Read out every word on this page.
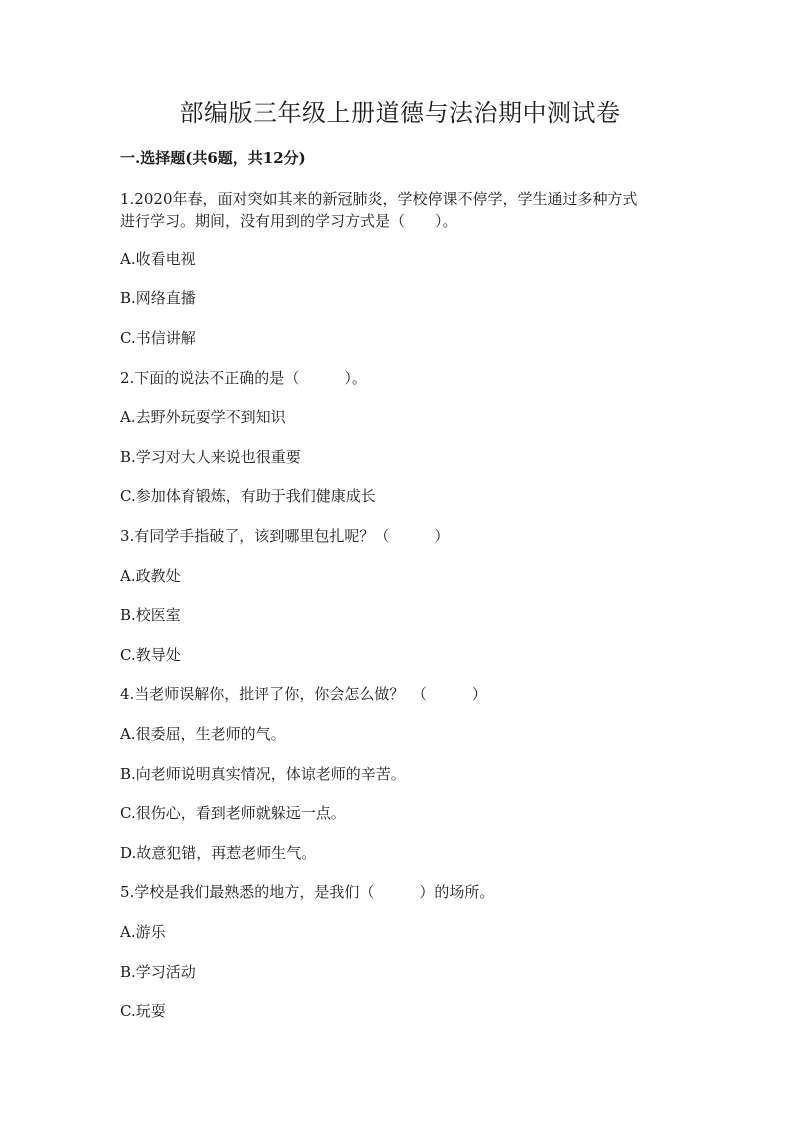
部编版三年级上册道德与法治期中测试卷
一.选择题(共6题，共12分)
1.2020年春，面对突如其来的新冠肺炎，学校停课不停学，学生通过多种方式
进行学习。期间，没有用到的学习方式是（　　）。
A.收看电视
B.网络直播
C.书信讲解
2.下面的说法不正确的是（　　　）。
A.去野外玩耍学不到知识
B.学习对大人来说也很重要
C.参加体育锻炼，有助于我们健康成长
3.有同学手指破了，该到哪里包扎呢？（　　　）
A.政教处
B.校医室
C.教导处
4.当老师误解你，批评了你，你会怎么做？　（　　　）
A.很委屈，生老师的气。
B.向老师说明真实情况，体谅老师的辛苦。
C.很伤心，看到老师就躲远一点。
D.故意犯错，再惹老师生气。
5.学校是我们最熟悉的地方，是我们（　　　）的场所。
A.游乐
B.学习活动
C.玩耍
